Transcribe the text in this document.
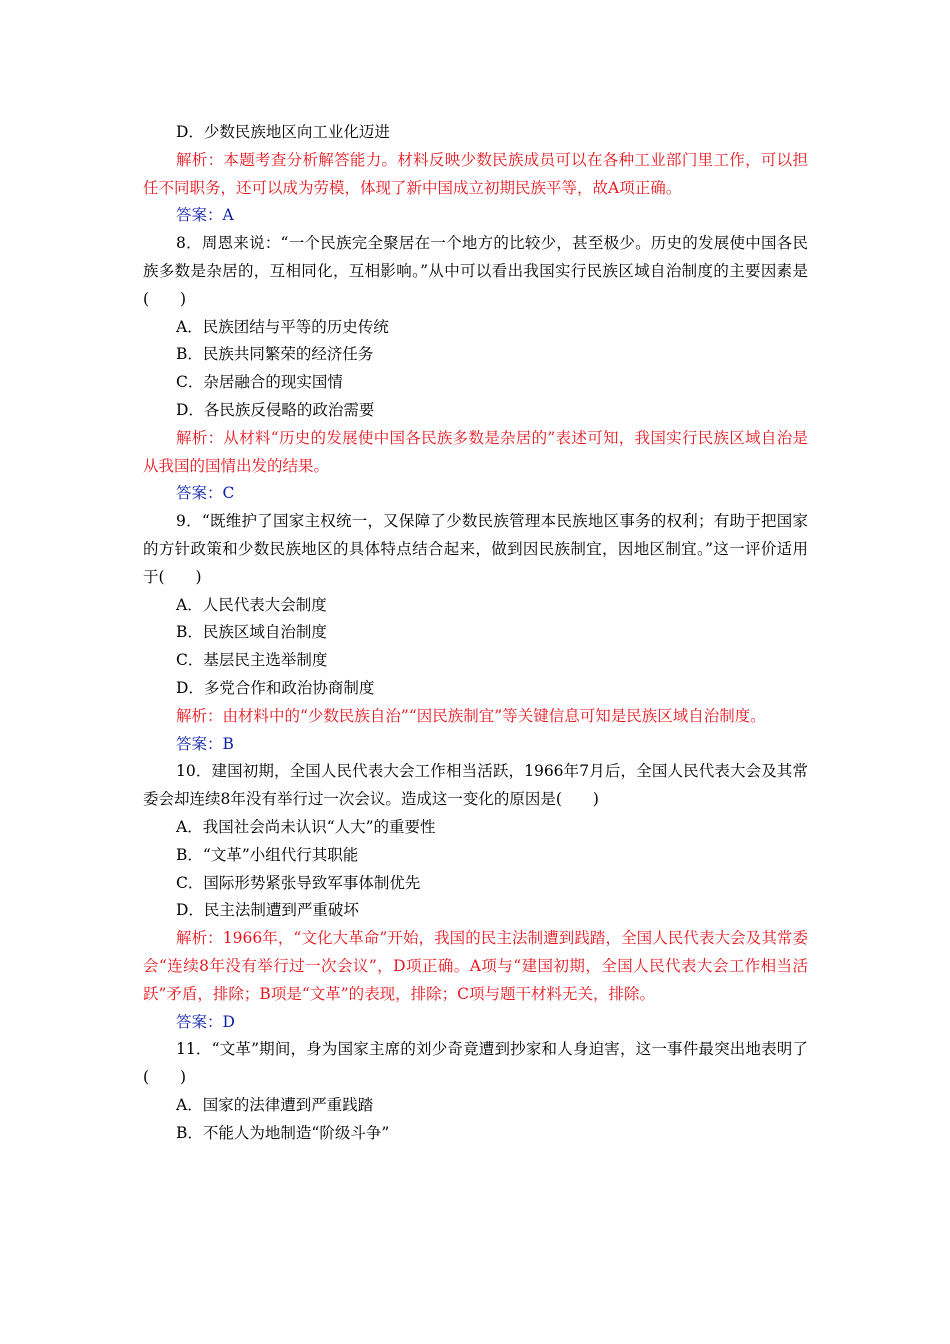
D．少数民族地区向工业化迈进

解析：本题考查分析解答能力。材料反映少数民族成员可以在各种工业部门里工作，可以担任不同职务，还可以成为劳模，体现了新中国成立初期民族平等，故A项正确。

答案：A

8．周恩来说：“一个民族完全聚居在一个地方的比较少，甚至极少。历史的发展使中国各民族多数是杂居的，互相同化，互相影响。”从中可以看出我国实行民族区域自治制度的主要因素是(　　)

A．民族团结与平等的历史传统

B．民族共同繁荣的经济任务

C．杂居融合的现实国情

D．各民族反侵略的政治需要

解析：从材料“历史的发展使中国各民族多数是杂居的”表述可知，我国实行民族区域自治是从我国的国情出发的结果。

答案：C

9．“既维护了国家主权统一，又保障了少数民族管理本民族地区事务的权利；有助于把国家的方针政策和少数民族地区的具体特点结合起来，做到因民族制宜，因地区制宜。”这一评价适用于(　　)

A．人民代表大会制度

B．民族区域自治制度

C．基层民主选举制度

D．多党合作和政治协商制度

解析：由材料中的“少数民族自治”“因民族制宜”等关键信息可知是民族区域自治制度。

答案：B

10．建国初期，全国人民代表大会工作相当活跃，1966年7月后，全国人民代表大会及其常委会却连续8年没有举行过一次会议。造成这一变化的原因是(　　)

A．我国社会尚未认识“人大”的重要性

B．“文革”小组代行其职能

C．国际形势紧张导致军事体制优先

D．民主法制遭到严重破坏

解析：1966年，“文化大革命”开始，我国的民主法制遭到践踏，全国人民代表大会及其常委会“连续8年没有举行过一次会议”，D项正确。A项与“建国初期，全国人民代表大会工作相当活跃”矛盾，排除；B项是“文革”的表现，排除；C项与题干材料无关，排除。

答案：D

11．“文革”期间，身为国家主席的刘少奇竟遭到抄家和人身迫害，这一事件最突出地表明了(　　)

A．国家的法律遭到严重践踏

B．不能人为地制造“阶级斗争”
